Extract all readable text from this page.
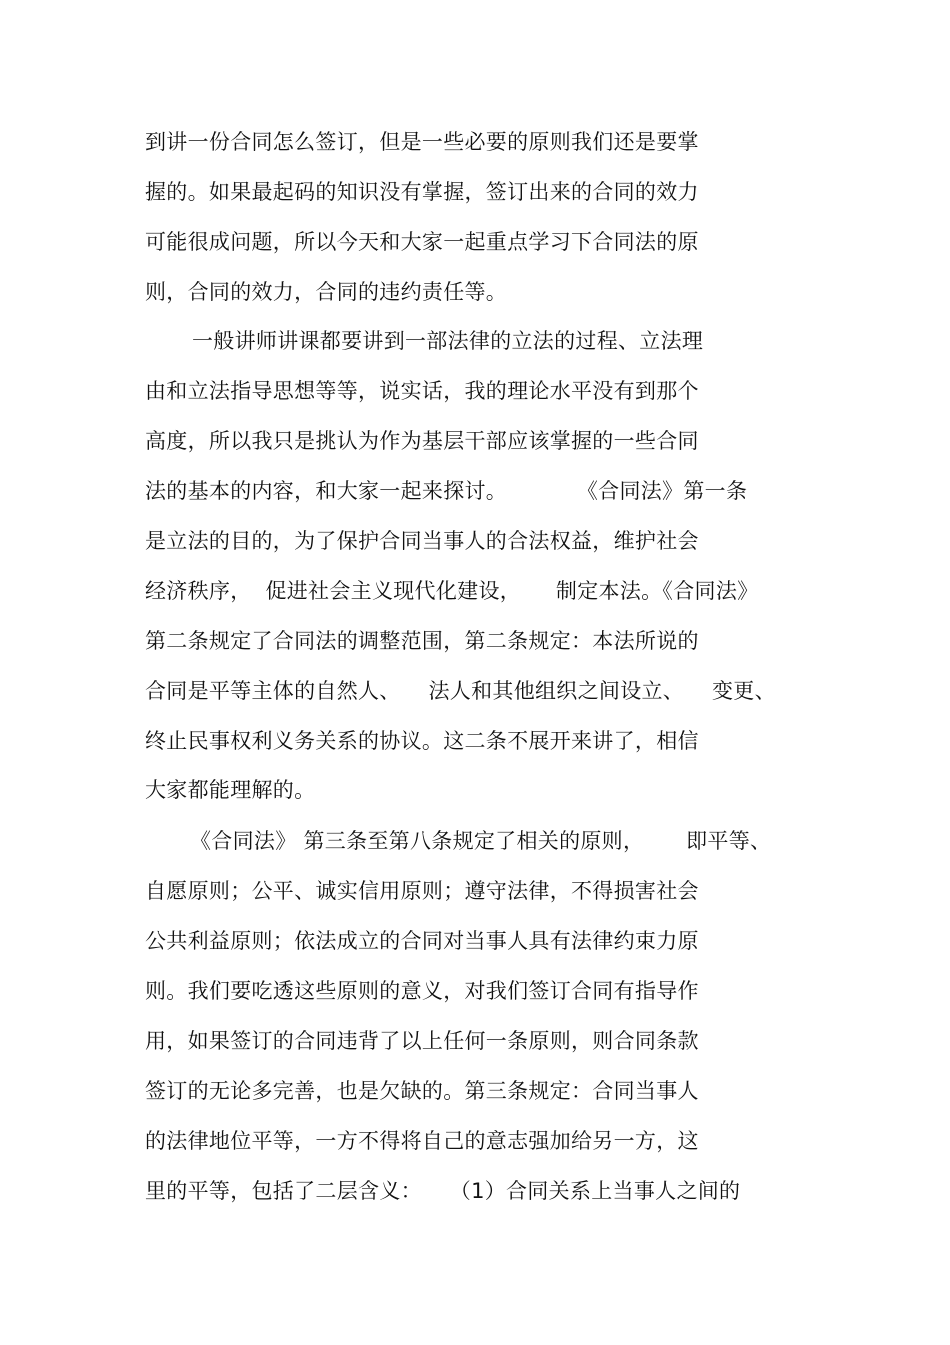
到讲一份合同怎么签订，但是一些必要的原则我们还是要掌
握的。如果最起码的知识没有掌握，签订出来的合同的效力
可能很成问题，所以今天和大家一起重点学习下合同法的原
则，合同的效力，合同的违约责任等。
一般讲师讲课都要讲到一部法律的立法的过程、立法理
由和立法指导思想等等，说实话，我的理论水平没有到那个
高度，所以我只是挑认为作为基层干部应该掌握的一些合同
法的基本的内容，和大家一起来探讨。          《合同法》第一条
是立法的目的，为了保护合同当事人的合法权益，维护社会
经济秩序，  促进社会主义现代化建设，     制定本法。《合同法》
第二条规定了合同法的调整范围，第二条规定：本法所说的
合同是平等主体的自然人、    法人和其他组织之间设立、    变更、
终止民事权利义务关系的协议。这二条不展开来讲了，相信
大家都能理解的。
《合同法》 第三条至第八条规定了相关的原则，      即平等、
自愿原则；公平、诚实信用原则；遵守法律，不得损害社会
公共利益原则；依法成立的合同对当事人具有法律约束力原
则。我们要吃透这些原则的意义，对我们签订合同有指导作
用，如果签订的合同违背了以上任何一条原则，则合同条款
签订的无论多完善，也是欠缺的。第三条规定：合同当事人
的法律地位平等，一方不得将自己的意志强加给另一方，这
里的平等，包括了二层含义：    （1）合同关系上当事人之间的
